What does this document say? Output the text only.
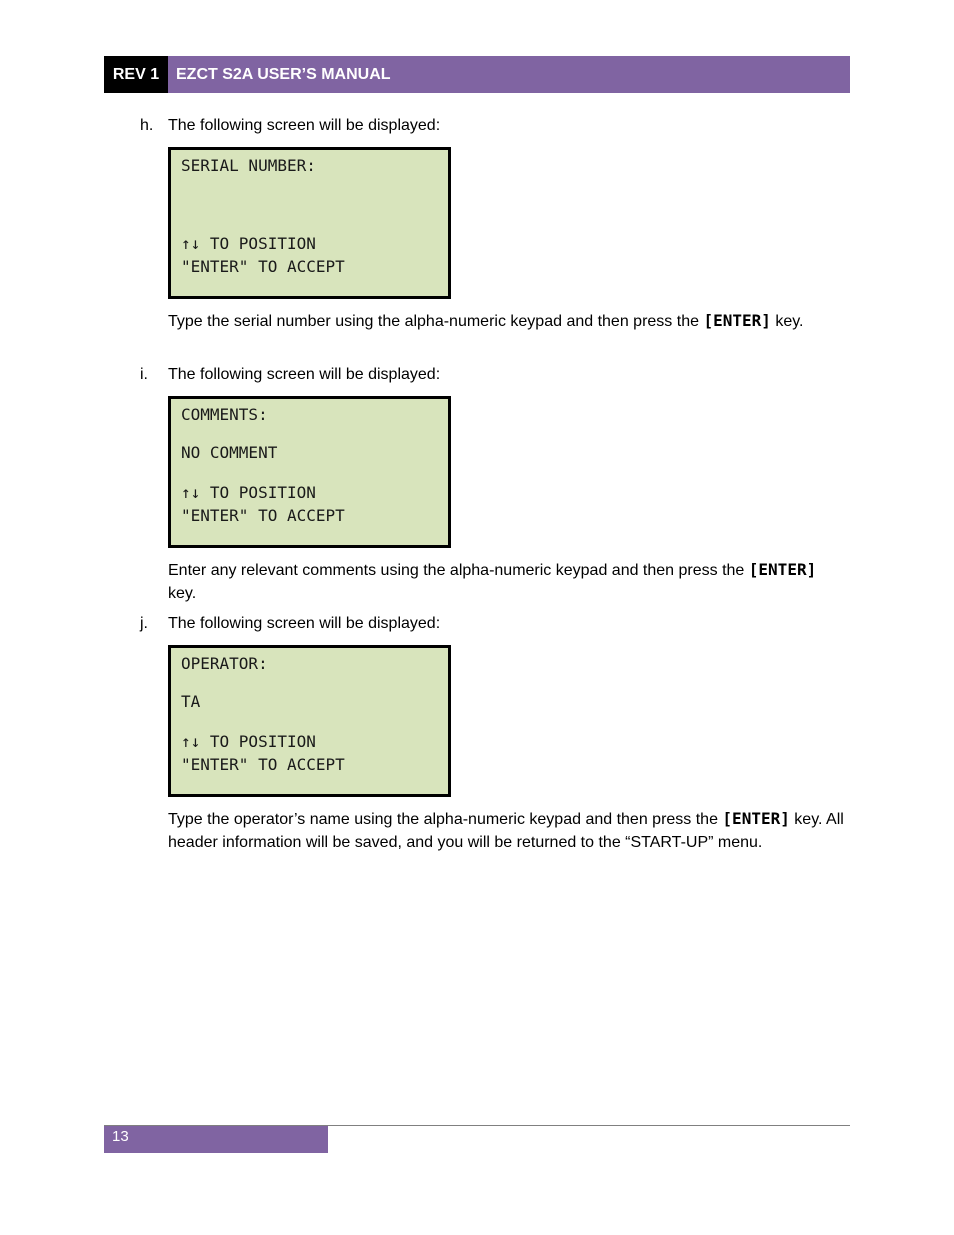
REV 1	EZCT S2A USER’S MANUAL
h. The following screen will be displayed:
SERIAL NUMBER:
↑↓ TO POSITION
"ENTER" TO ACCEPT
Type the serial number using the alpha-numeric keypad and then press the [ENTER] key.
i.	The following screen will be displayed:
COMMENTS:
NO COMMENT
↑↓ TO POSITION
"ENTER" TO ACCEPT
Enter any relevant comments using the alpha-numeric keypad and then press the [ENTER] key.
j.	The following screen will be displayed:
OPERATOR:
TA
↑↓ TO POSITION
"ENTER" TO ACCEPT
Type the operator’s name using the alpha-numeric keypad and then press the [ENTER] key. All header information will be saved, and you will be returned to the “START-UP” menu.
13
